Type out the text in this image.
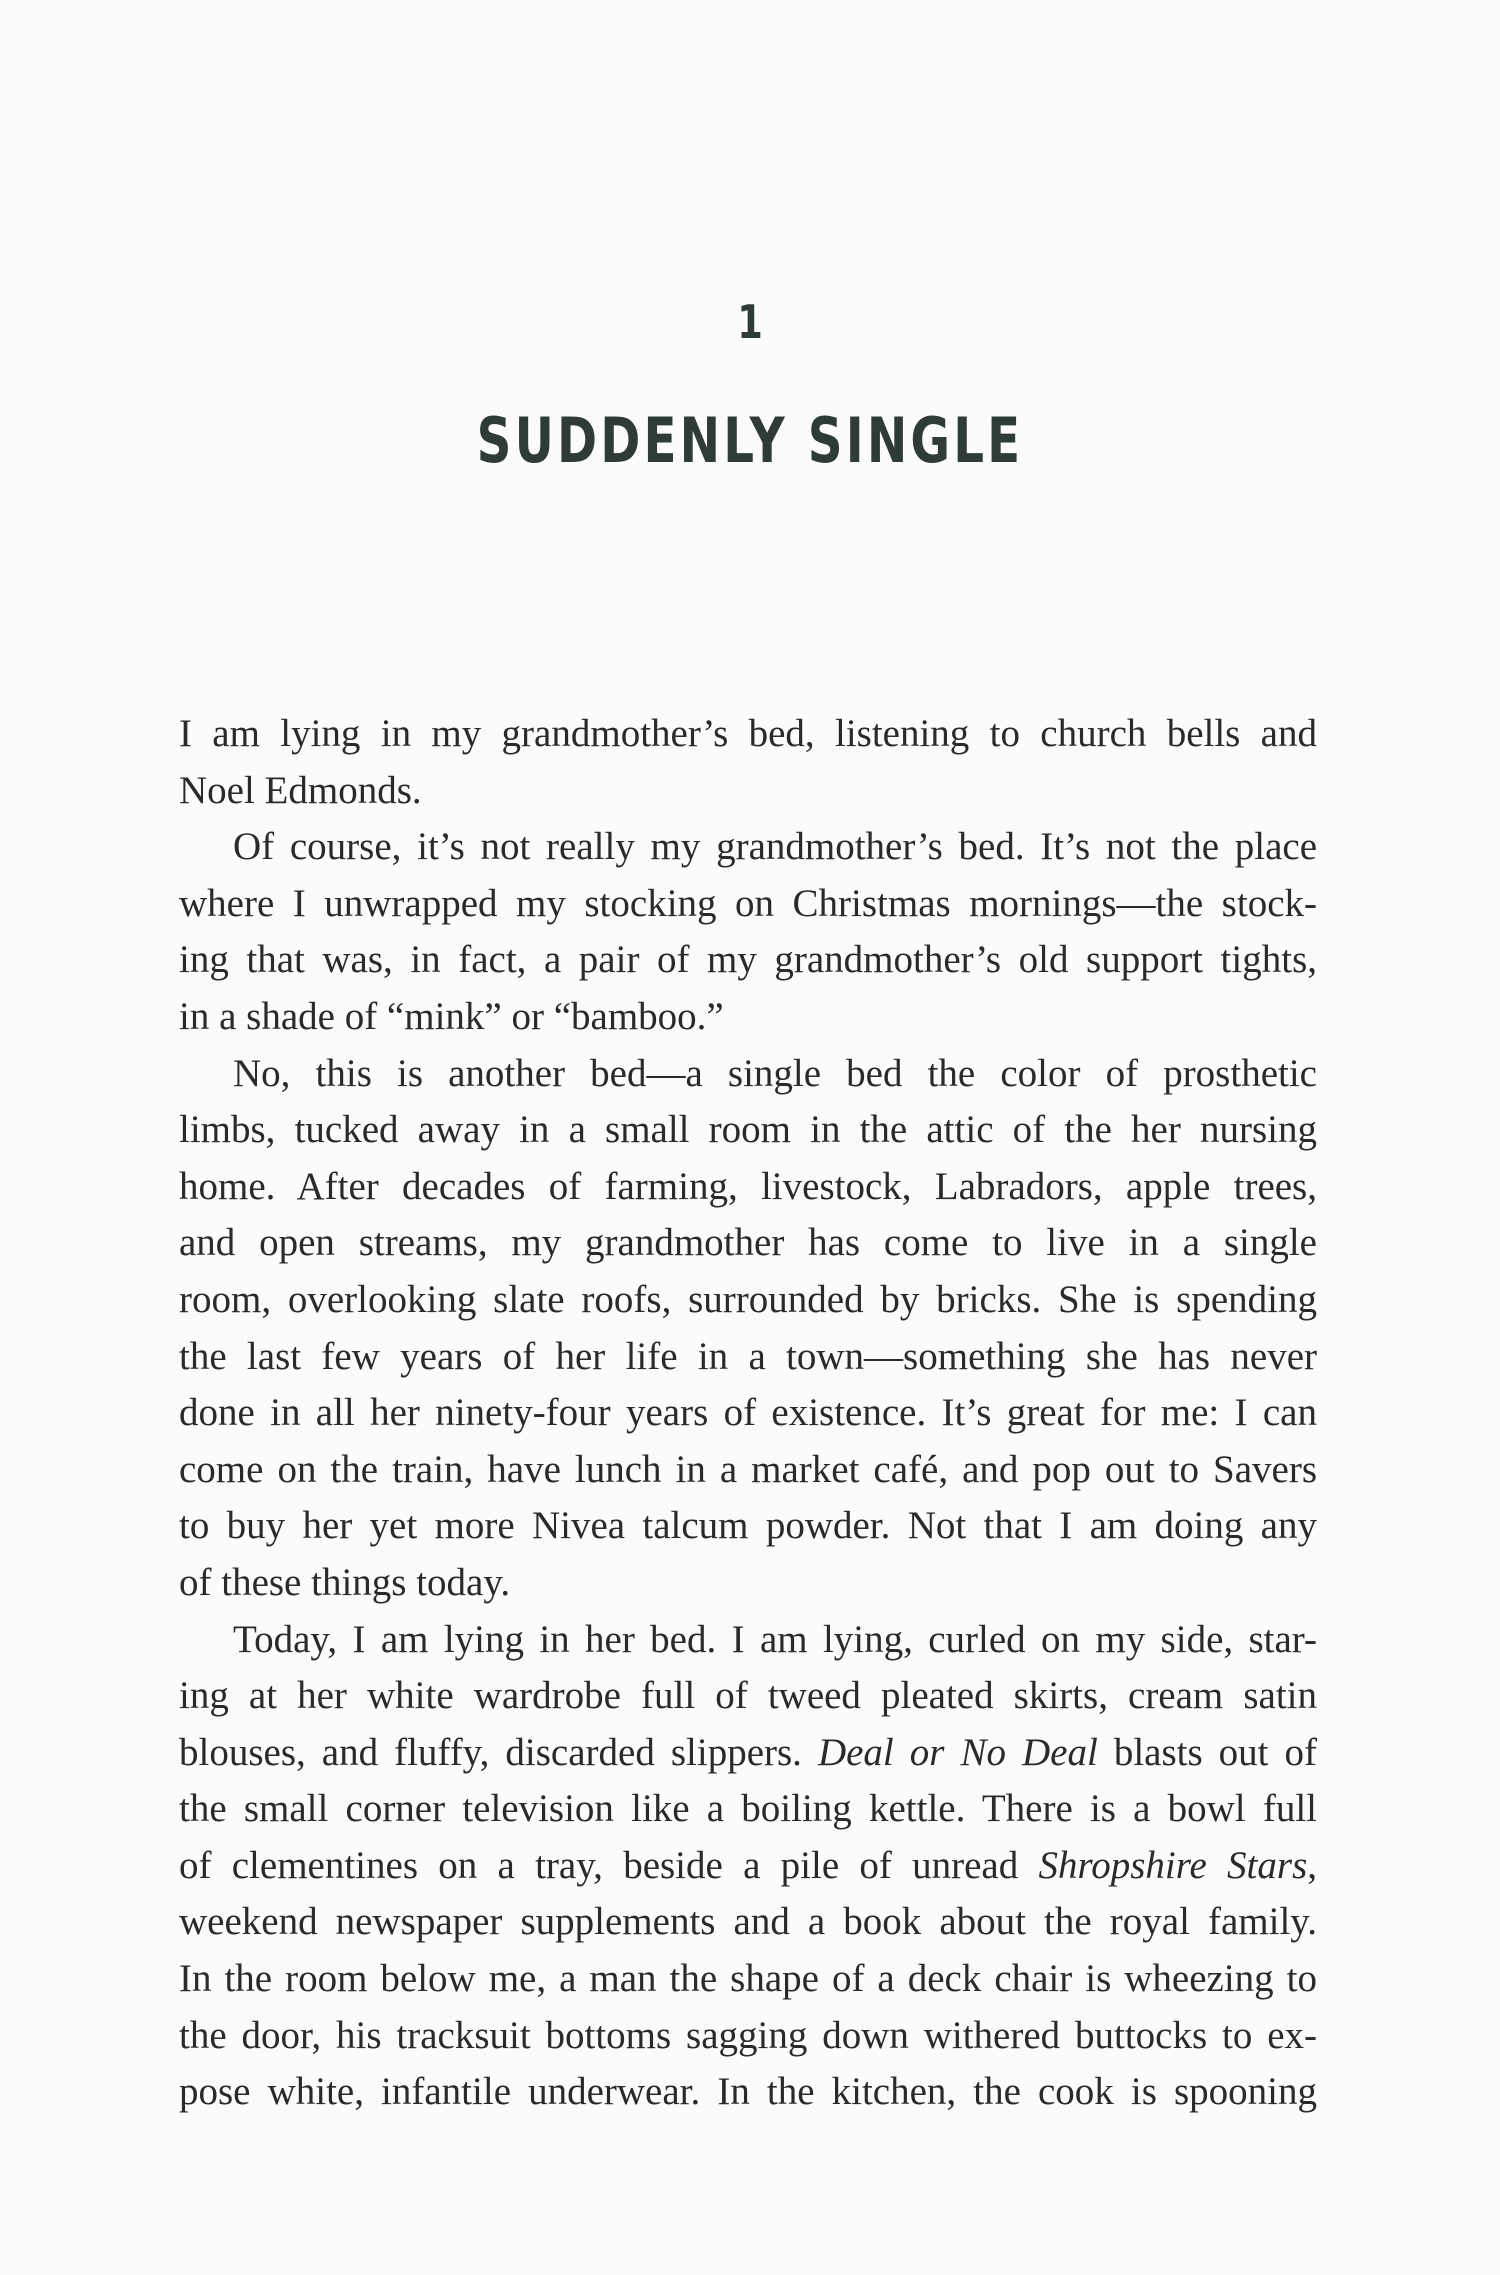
1
SUDDENLY SINGLE
I am lying in my grandmother’s bed, listening to church bells and
Noel Edmonds.
Of course, it’s not really my grandmother’s bed. It’s not the place
where I unwrapped my stocking on Christmas mornings—the stock-
ing that was, in fact, a pair of my grandmother’s old support tights,
in a shade of “mink” or “bamboo.”
No, this is another bed—a single bed the color of prosthetic
limbs, tucked away in a small room in the attic of the her nursing
home. After decades of farming, livestock, Labradors, apple trees,
and open streams, my grandmother has come to live in a single
room, overlooking slate roofs, surrounded by bricks. She is spending
the last few years of her life in a town—something she has never
done in all her ninety-four years of existence. It’s great for me: I can
come on the train, have lunch in a market café, and pop out to Savers
to buy her yet more Nivea talcum powder. Not that I am doing any
of these things today.
Today, I am lying in her bed. I am lying, curled on my side, star-
ing at her white wardrobe full of tweed pleated skirts, cream satin
blouses, and fluffy, discarded slippers. Deal or No Deal blasts out of
the small corner television like a boiling kettle. There is a bowl full
of clementines on a tray, beside a pile of unread Shropshire Stars,
weekend newspaper supplements and a book about the royal family.
In the room below me, a man the shape of a deck chair is wheezing to
the door, his tracksuit bottoms sagging down withered buttocks to ex-
pose white, infantile underwear. In the kitchen, the cook is spooning
